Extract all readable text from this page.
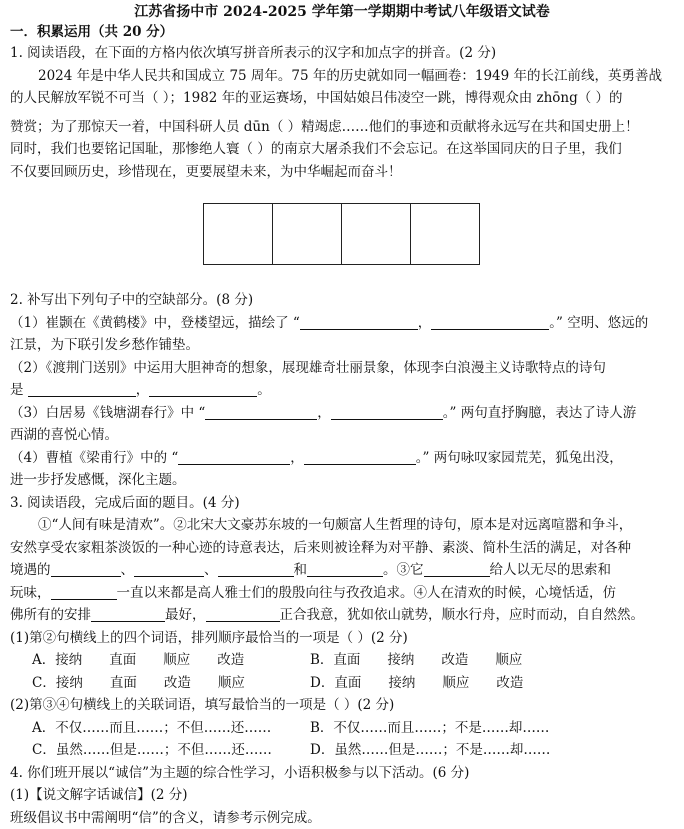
江苏省扬中市 2024-2025 学年第一学期期中考试八年级语文试卷
一．积累运用（共 20 分）

1. 阅读语段，在下面的方格内依次填写拼音所表示的汉字和加点字的拼音。(2 分)

2024 年是中华人民共和国成立 75 周年。75 年的历史就如同一幅画卷：1949 年的长江前线，英勇善战

的人民解放军锐不可当（ ）；1982 年的亚运赛场，中国姑娘吕伟凌空一跳，博得观众由 zhōng（ ）的

赞赏；为了那惊天一着，中国科研人员 dūn（ ）精竭虑……他们的事迹和贡献将永远写在共和国史册上！

同时，我们也要铭记国耻，那惨绝人寰（ ）的南京大屠杀我们不会忘记。在这举国同庆的日子里，我们

不仅要回顾历史，珍惜现在，更要展望未来，为中华崛起而奋斗！

2. 补写出下列句子中的空缺部分。(8 分)

（1）崔颢在《黄鹤楼》中，登楼望远，描绘了 “	，	。” 空明、悠远的

江景，为下联引发乡愁作铺垫。

（2）《渡荆门送别》中运用大胆神奇的想象，展现雄奇壮丽景象，体现李白浪漫主义诗歌特点的诗句

是	，	。

（3）白居易《钱塘湖春行》中 “	，	。” 两句直抒胸臆，表达了诗人游

西湖的喜悦心情。

（4）曹植《梁甫行》中的 “	，	。” 两句咏叹家园荒芜，狐兔出没，

进一步抒发感慨，深化主题。

3. 阅读语段，完成后面的题目。(4 分)

①“人间有味是清欢”。②北宋大文豪苏东坡的一句颇富人生哲理的诗句，原本是对远离喧嚣和争斗，

安然享受农家粗茶淡饭的一种心迹的诗意表达，后来则被诠释为对平静、素淡、简朴生活的满足，对各种

境遇的	、	、	和	。③它	给人以无尽的思索和

玩味，	一直以来都是高人雅士们的殷殷向往与孜孜追求。④人在清欢的时候，心境恬适，仿

佛所有的安排	最好，	正合我意，犹如依山就势，顺水行舟，应时而动，自自然然。

(1)第②句横线上的四个词语，排列顺序最恰当的一项是（ ）(2 分)

A．接纳   直面   顺应   改造	B．直面   接纳   改造   顺应
C．接纳   直面   改造   顺应	D．直面   接纳   顺应   改造

(2)第③④句横线上的关联词语，填写最恰当的一项是（ ）(2 分)

A．不仅……而且……；不但……还……	B．不仅……而且……；不是……却……
C．虽然……但是……；不但……还……	D．虽然……但是……；不是……却……

4. 你们班开展以“诚信”为主题的综合性学习，小语积极参与以下活动。(6 分)

(1)【说文解字话诚信】(2 分)

班级倡议书中需阐明“信”的含义，请参考示例完成。
